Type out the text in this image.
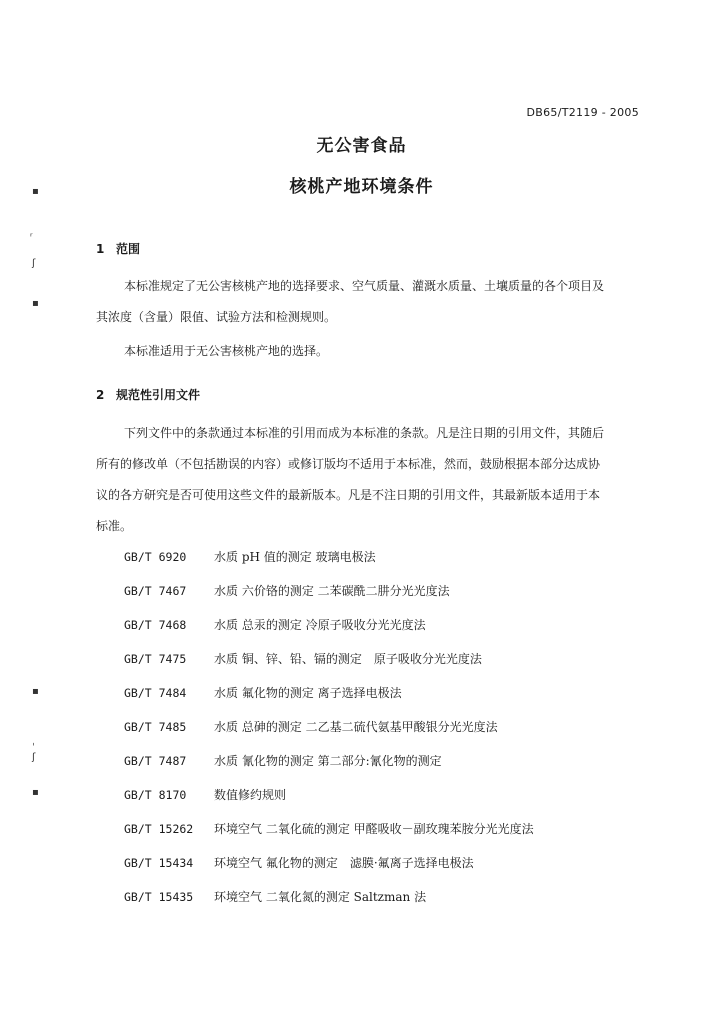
DB65/T2119 - 2005
无公害食品
核桃产地环境条件
1 范围
本标准规定了无公害核桃产地的选择要求、空气质量、灌溉水质量、土壤质量的各个项目及
其浓度（含量）限值、试验方法和检测规则。
本标准适用于无公害核桃产地的选择。
2 规范性引用文件
下列文件中的条款通过本标准的引用而成为本标准的条款。凡是注日期的引用文件，其随后
所有的修改单（不包括勘误的内容）或修订版均不适用于本标准，然而，鼓励根据本部分达成协
议的各方研究是否可使用这些文件的最新版本。凡是不注日期的引用文件，其最新版本适用于本
标准。
GB/T 6920 水质 pH 值的测定 玻璃电极法
GB/T 7467 水质 六价铬的测定 二苯碳酰二肼分光光度法
GB/T 7468 水质 总汞的测定 冷原子吸收分光光度法
GB/T 7475 水质 铜、锌、铅、镉的测定　原子吸收分光光度法
GB/T 7484 水质 氟化物的测定 离子选择电极法
GB/T 7485 水质 总砷的测定 二乙基二硫代氨基甲酸银分光光度法
GB/T 7487 水质 氰化物的测定 第二部分:氰化物的测定
GB/T 8170 数值修约规则
GB/T 15262 环境空气 二氧化硫的测定 甲醛吸收－副玫瑰苯胺分光光度法
GB/T 15434 环境空气 氟化物的测定　滤膜·氟离子选择电极法
GB/T 15435 环境空气 二氧化氮的测定 Saltzman 法
▪
ʳ
ʃ
▪
▪
ˌ
ʃ
▪
